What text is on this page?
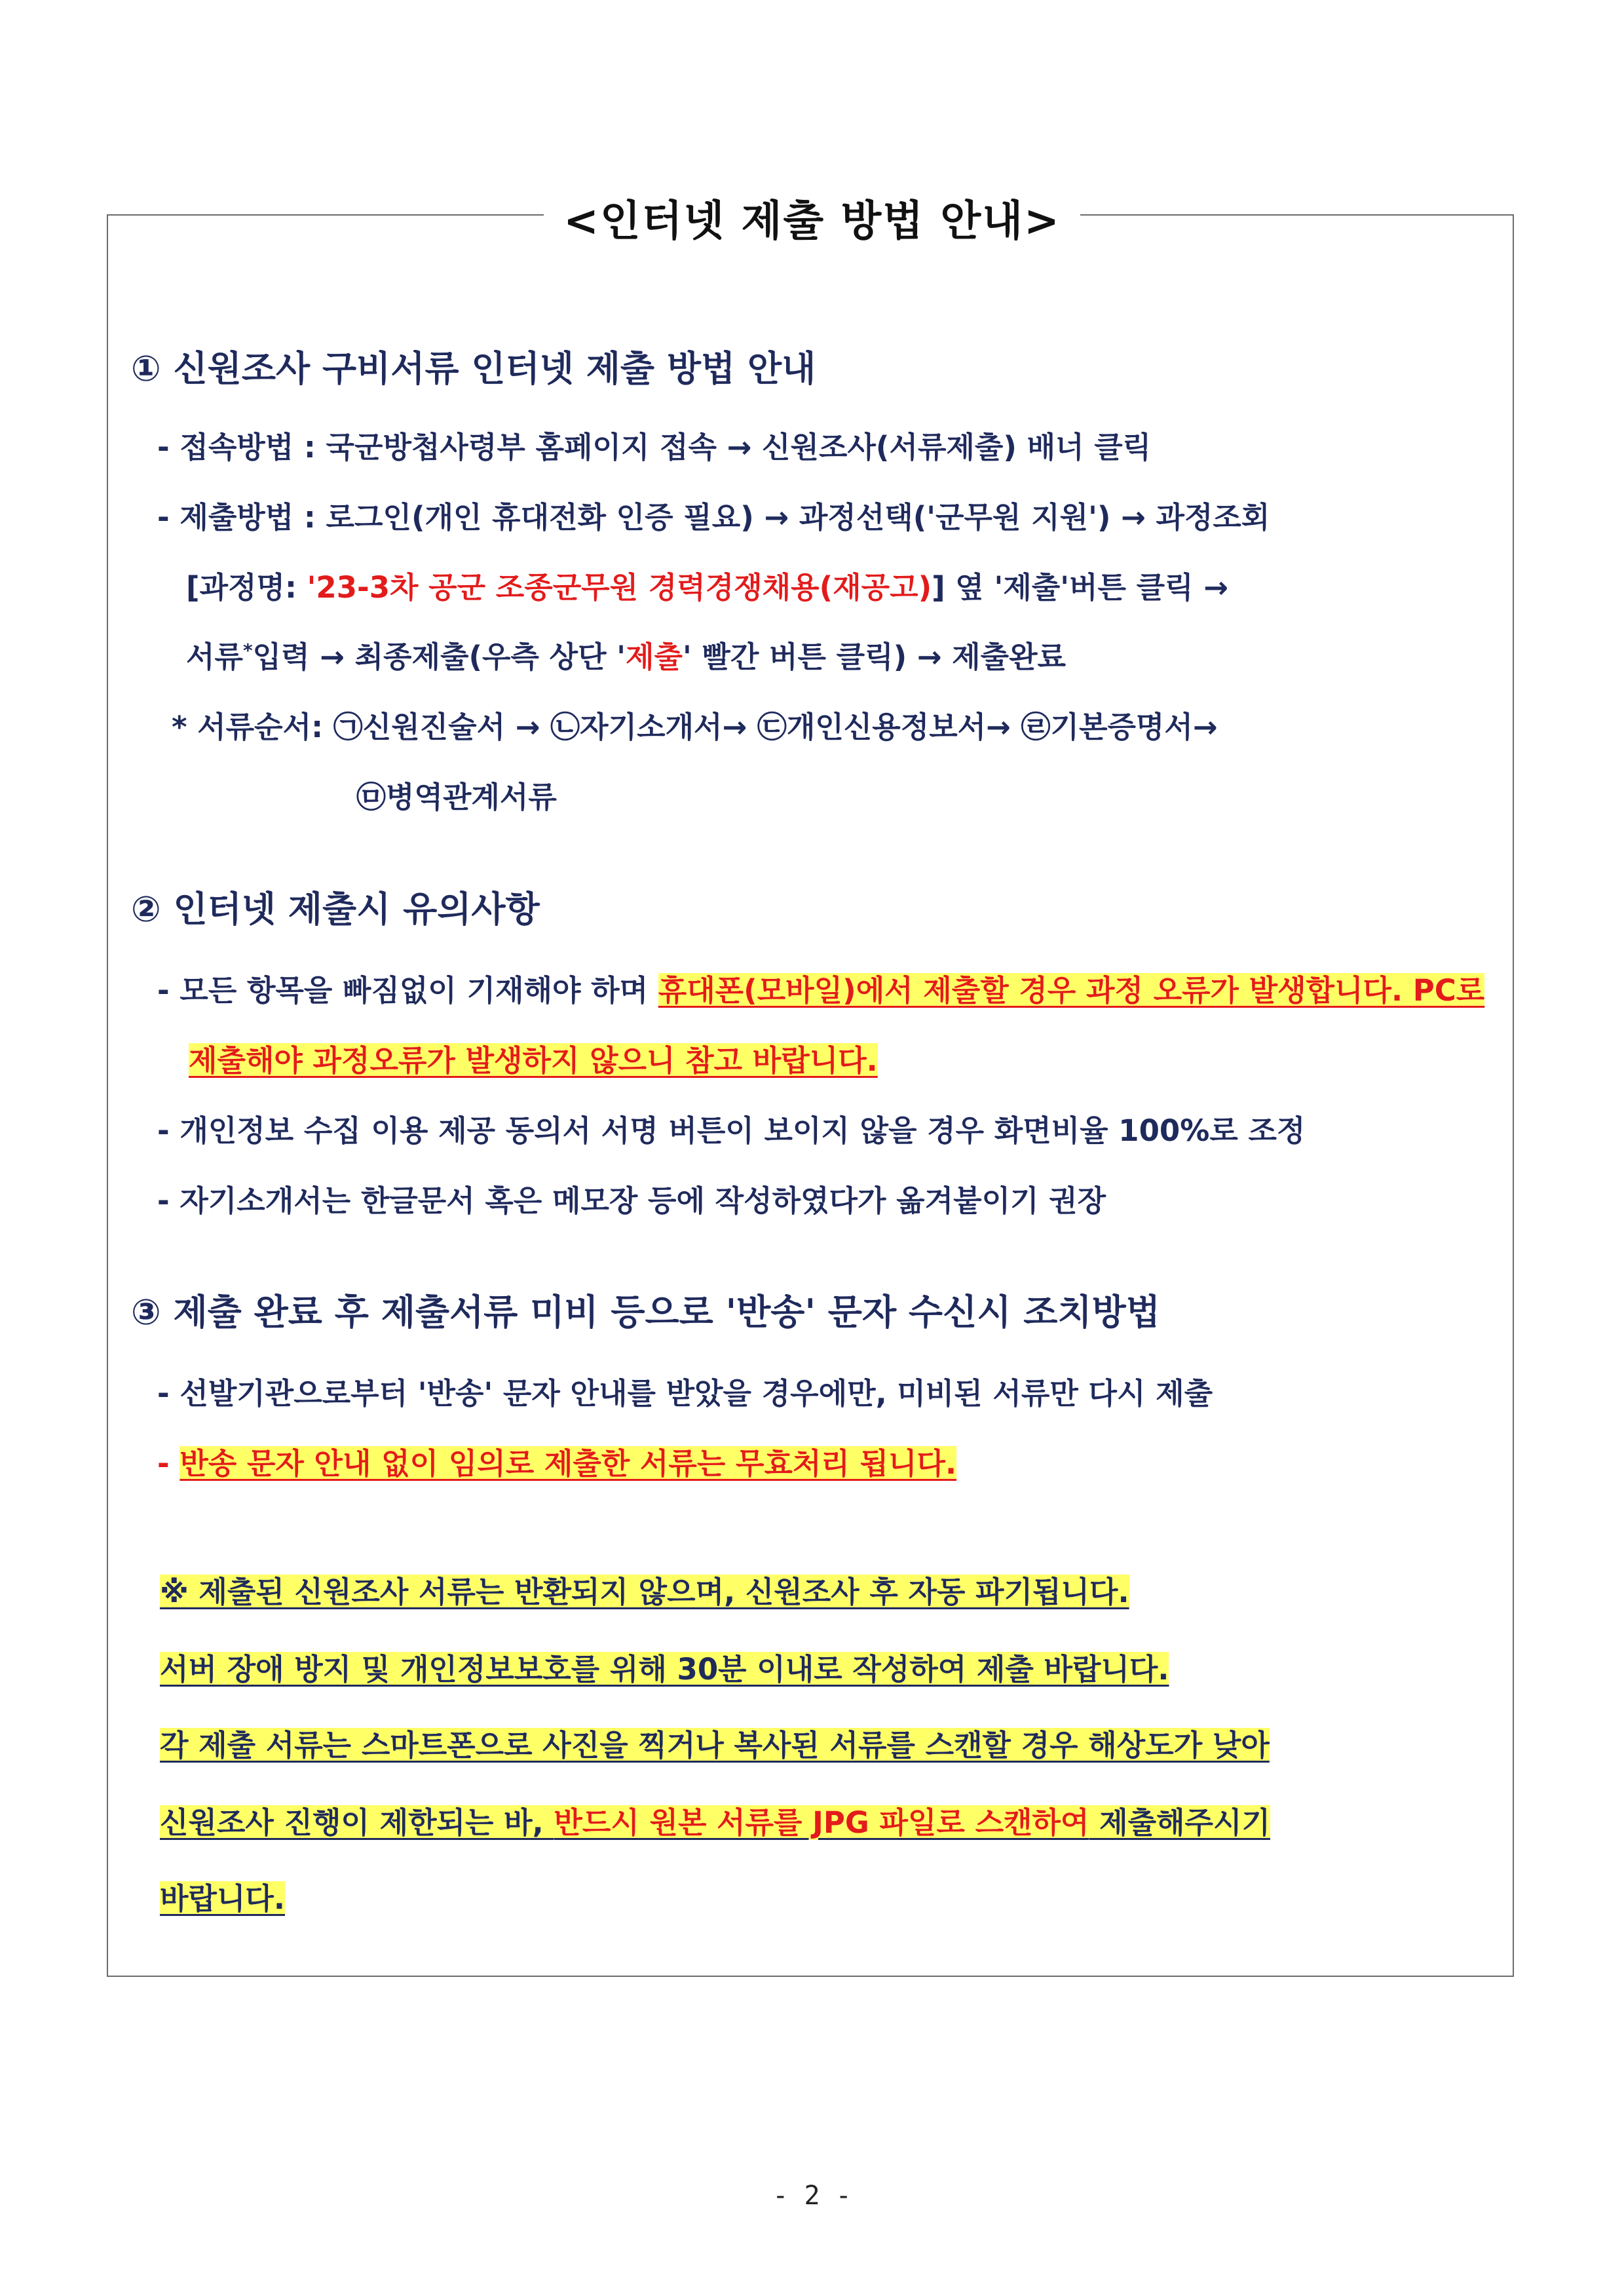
<인터넷 제출 방법 안내>
① 신원조사 구비서류 인터넷 제출 방법 안내
- 접속방법 : 국군방첩사령부 홈페이지 접속 → 신원조사(서류제출) 배너 클릭
- 제출방법 : 로그인(개인 휴대전화 인증 필요) → 과정선택('군무원 지원') → 과정조회
[과정명: '23-3차 공군 조종군무원 경력경쟁채용(재공고)] 옆 '제출'버튼 클릭 →
서류*입력 → 최종제출(우측 상단 '제출' 빨간 버튼 클릭) → 제출완료
* 서류순서: ㉠신원진술서 → ㉡자기소개서→ ㉢개인신용정보서→ ㉣기본증명서→
㉤병역관계서류
② 인터넷 제출시 유의사항
- 모든 항목을 빠짐없이 기재해야 하며 휴대폰(모바일)에서 제출할 경우 과정 오류가 발생합니다. PC로
제출해야 과정오류가 발생하지 않으니 참고 바랍니다.
- 개인정보 수집 이용 제공 동의서 서명 버튼이 보이지 않을 경우 화면비율 100%로 조정
- 자기소개서는 한글문서 혹은 메모장 등에 작성하였다가 옮겨붙이기 권장
③ 제출 완료 후 제출서류 미비 등으로 '반송' 문자 수신시 조치방법
- 선발기관으로부터 '반송' 문자 안내를 받았을 경우에만, 미비된 서류만 다시 제출
- 반송 문자 안내 없이 임의로 제출한 서류는 무효처리 됩니다.
※ 제출된 신원조사 서류는 반환되지 않으며, 신원조사 후 자동 파기됩니다.
서버 장애 방지 및 개인정보보호를 위해 30분 이내로 작성하여 제출 바랍니다.
각 제출 서류는 스마트폰으로 사진을 찍거나 복사된 서류를 스캔할 경우 해상도가 낮아
신원조사 진행이 제한되는 바, 반드시 원본 서류를 JPG 파일로 스캔하여 제출해주시기
바랍니다.
- 2 -
